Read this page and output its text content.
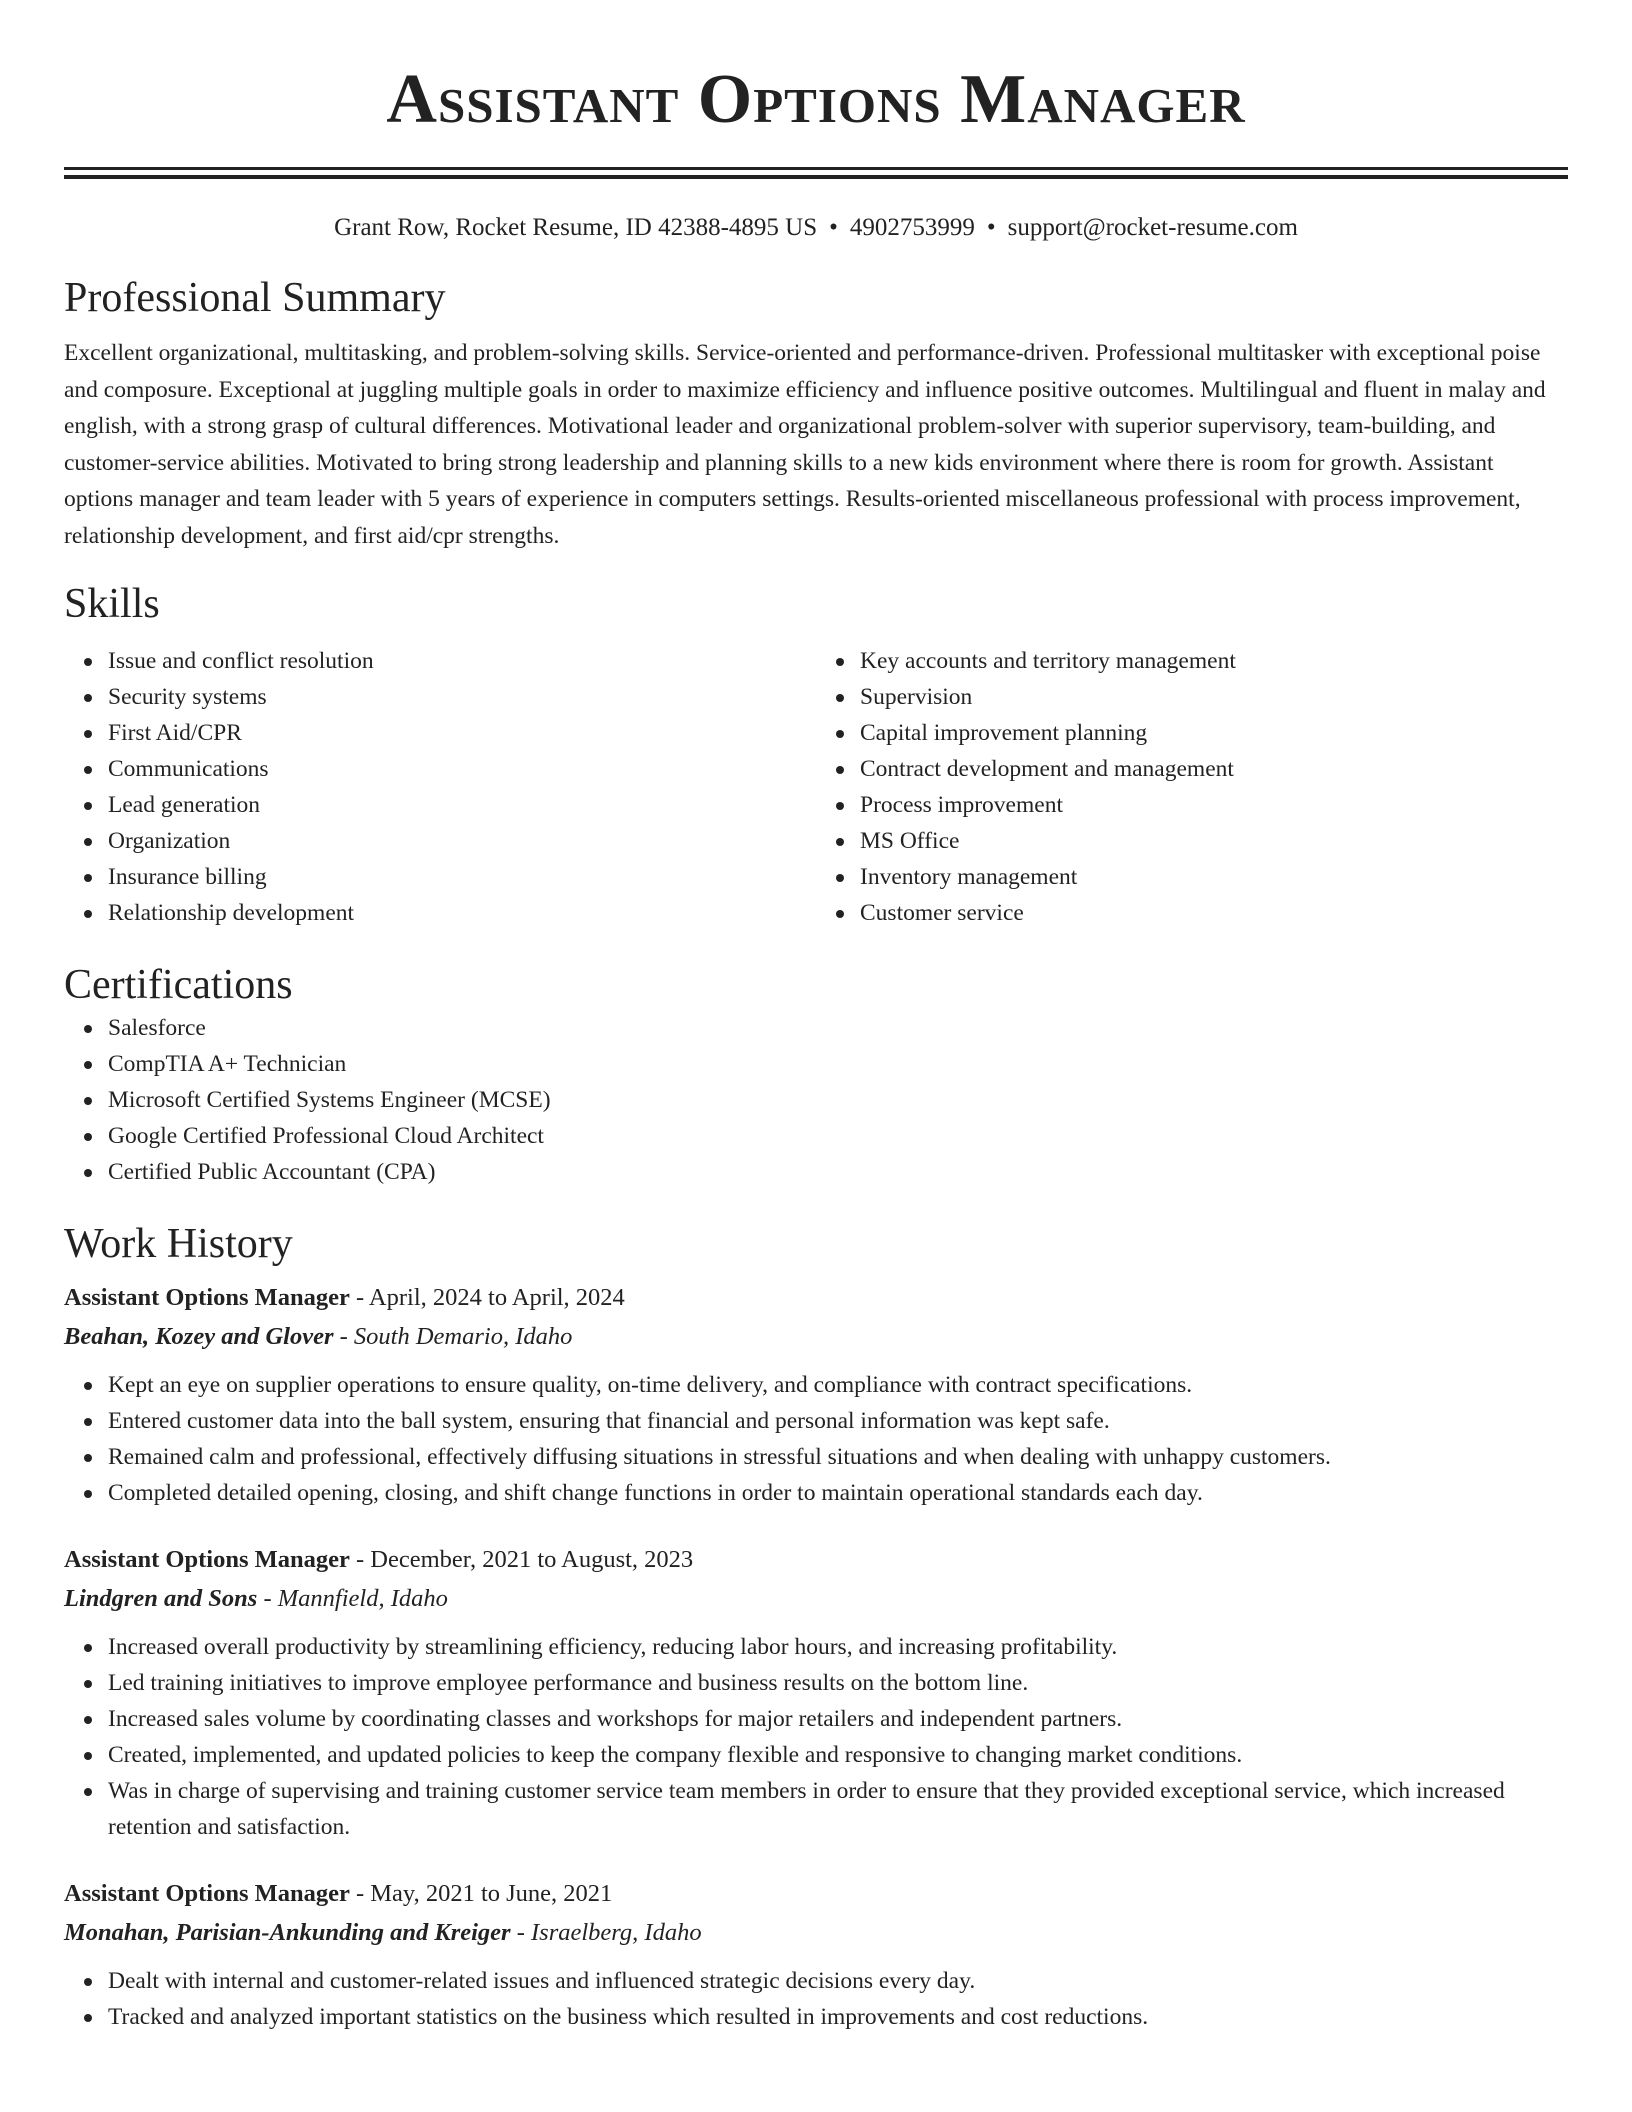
Assistant Options Manager
Grant Row, Rocket Resume, ID 42388-4895 US • 4902753999 • support@rocket-resume.com
Professional Summary
Excellent organizational, multitasking, and problem-solving skills. Service-oriented and performance-driven. Professional multitasker with exceptional poise and composure. Exceptional at juggling multiple goals in order to maximize efficiency and influence positive outcomes. Multilingual and fluent in malay and english, with a strong grasp of cultural differences. Motivational leader and organizational problem-solver with superior supervisory, team-building, and customer-service abilities. Motivated to bring strong leadership and planning skills to a new kids environment where there is room for growth. Assistant options manager and team leader with 5 years of experience in computers settings. Results-oriented miscellaneous professional with process improvement, relationship development, and first aid/cpr strengths.
Skills
Issue and conflict resolution
Security systems
First Aid/CPR
Communications
Lead generation
Organization
Insurance billing
Relationship development
Key accounts and territory management
Supervision
Capital improvement planning
Contract development and management
Process improvement
MS Office
Inventory management
Customer service
Certifications
Salesforce
CompTIA A+ Technician
Microsoft Certified Systems Engineer (MCSE)
Google Certified Professional Cloud Architect
Certified Public Accountant (CPA)
Work History
Assistant Options Manager - April, 2024 to April, 2024
Beahan, Kozey and Glover - South Demario, Idaho
Kept an eye on supplier operations to ensure quality, on-time delivery, and compliance with contract specifications.
Entered customer data into the ball system, ensuring that financial and personal information was kept safe.
Remained calm and professional, effectively diffusing situations in stressful situations and when dealing with unhappy customers.
Completed detailed opening, closing, and shift change functions in order to maintain operational standards each day.
Assistant Options Manager - December, 2021 to August, 2023
Lindgren and Sons - Mannfield, Idaho
Increased overall productivity by streamlining efficiency, reducing labor hours, and increasing profitability.
Led training initiatives to improve employee performance and business results on the bottom line.
Increased sales volume by coordinating classes and workshops for major retailers and independent partners.
Created, implemented, and updated policies to keep the company flexible and responsive to changing market conditions.
Was in charge of supervising and training customer service team members in order to ensure that they provided exceptional service, which increased retention and satisfaction.
Assistant Options Manager - May, 2021 to June, 2021
Monahan, Parisian-Ankunding and Kreiger - Israelberg, Idaho
Dealt with internal and customer-related issues and influenced strategic decisions every day.
Tracked and analyzed important statistics on the business which resulted in improvements and cost reductions.
